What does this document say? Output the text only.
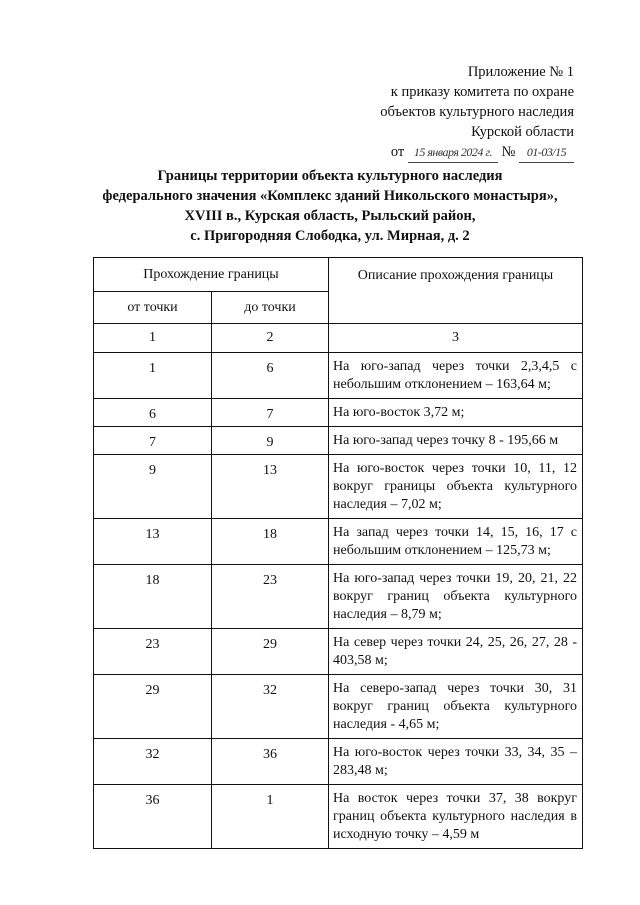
Приложение № 1
к приказу комитета по охране
объектов культурного наследия
Курской области
от 15 января 2024 г. № 01-03/15
Границы территории объекта культурного наследия
федерального значения «Комплекс зданий Никольского монастыря»,
XVIII в., Курская область, Рыльский район,
с. Пригородняя Слободка, ул. Мирная, д. 2
Прохождение границы		Описание прохождения границы
от точки	до точки	
1	2	3
1	6	На юго-запад через точки 2,3,4,5 с небольшим отклонением – 163,64 м;
6	7	На юго-восток 3,72 м;
7	9	На юго-запад через точку 8 - 195,66 м
9	13	На юго-восток через точки 10, 11, 12 вокруг границы объекта культурного наследия – 7,02 м;
13	18	На запад через точки 14, 15, 16, 17 с небольшим отклонением – 125,73 м;
18	23	На юго-запад через точки 19, 20, 21, 22 вокруг границ объекта культурного наследия – 8,79 м;
23	29	На север через точки 24, 25, 26, 27, 28 - 403,58 м;
29	32	На северо-запад через точки 30, 31 вокруг границ объекта культурного наследия - 4,65 м;
32	36	На юго-восток через точки 33, 34, 35 – 283,48 м;
36	1	На восток через точки 37, 38 вокруг границ объекта культурного наследия в исходную точку – 4,59 м
